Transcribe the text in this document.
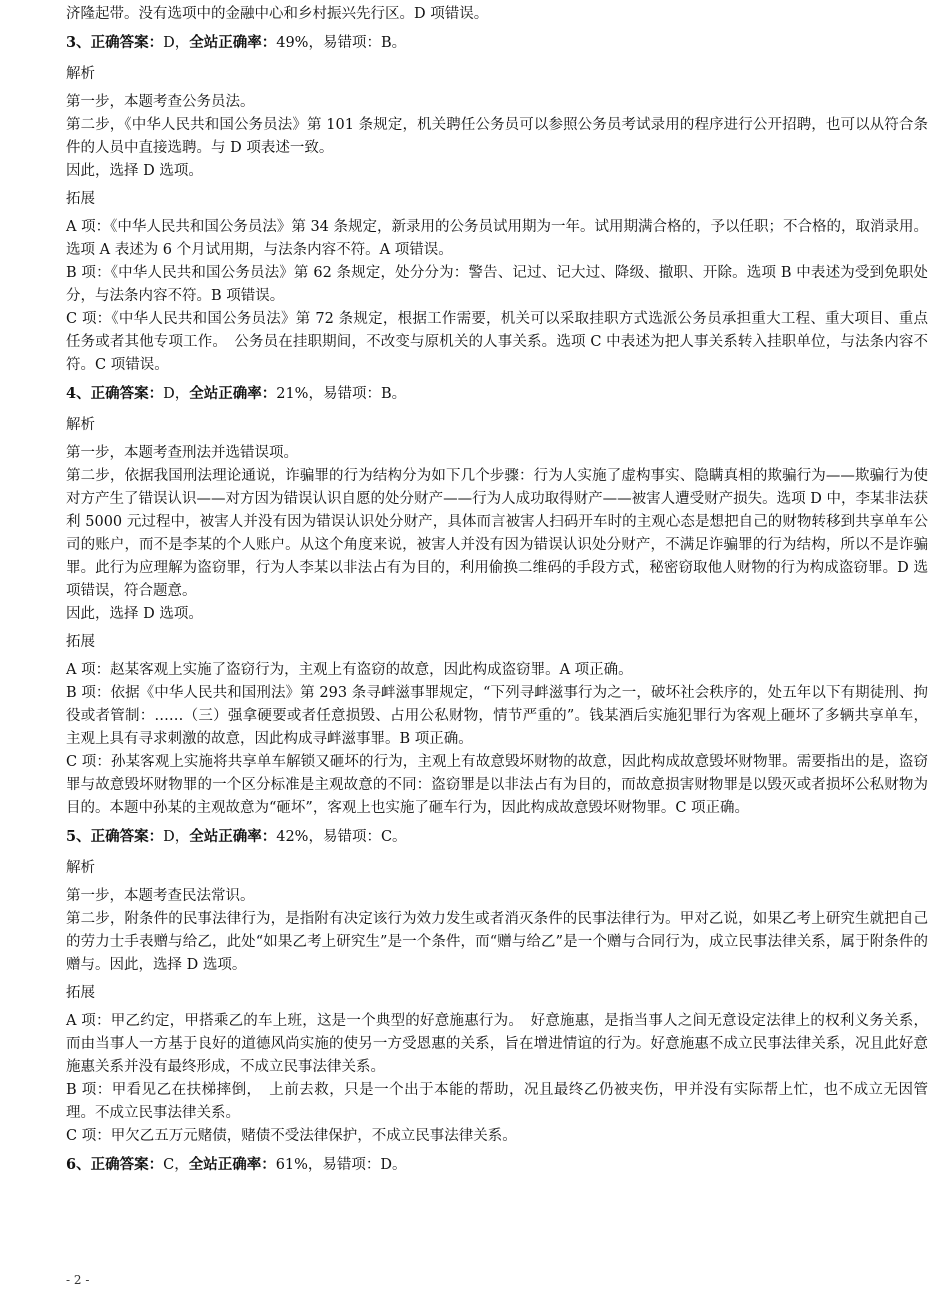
济隆起带。没有选项中的金融中心和乡村振兴先行区。D 项错误。
3、正确答案：D，全站正确率：49%，易错项：B。
解析

第一步，本题考查公务员法。

第二步，《中华人民共和国公务员法》第 101 条规定，机关聘任公务员可以参照公务员考试录用的程序进行公开招聘，也可以从符合条件的人员中直接选聘。与 D 项表述一致。

因此，选择 D 选项。

拓展

A 项：《中华人民共和国公务员法》第 34 条规定，新录用的公务员试用期为一年。试用期满合格的，予以任职；不合格的，取消录用。选项 A 表述为 6 个月试用期，与法条内容不符。A 项错误。

B 项：《中华人民共和国公务员法》第 62 条规定，处分分为：警告、记过、记大过、降级、撤职、开除。选项 B 中表述为受到免职处分，与法条内容不符。B 项错误。

C 项：《中华人民共和国公务员法》第 72 条规定，根据工作需要，机关可以采取挂职方式选派公务员承担重大工程、重大项目、重点任务或者其他专项工作。　公务员在挂职期间，不改变与原机关的人事关系。选项 C 中表述为把人事关系转入挂职单位，与法条内容不符。C 项错误。

4、正确答案：D，全站正确率：21%，易错项：B。
解析

第一步，本题考查刑法并选错误项。

第二步，依据我国刑法理论通说，诈骗罪的行为结构分为如下几个步骤：行为人实施了虚构事实、隐瞒真相的欺骗行为——欺骗行为使对方产生了错误认识——对方因为错误认识自愿的处分财产——行为人成功取得财产——被害人遭受财产损失。选项 D 中，李某非法获利 5000 元过程中，被害人并没有因为错误认识处分财产，具体而言被害人扫码开车时的主观心态是想把自己的财物转移到共享单车公司的账户，而不是李某的个人账户。从这个角度来说，被害人并没有因为错误认识处分财产，不满足诈骗罪的行为结构，所以不是诈骗罪。此行为应理解为盗窃罪，行为人李某以非法占有为目的，利用偷换二维码的手段方式，秘密窃取他人财物的行为构成盗窃罪。D 选项错误，符合题意。

因此，选择 D 选项。

拓展

A 项：赵某客观上实施了盗窃行为，主观上有盗窃的故意，因此构成盗窃罪。A 项正确。

B 项：依据《中华人民共和国刑法》第 293 条寻衅滋事罪规定，“下列寻衅滋事行为之一，破坏社会秩序的，处五年以下有期徒刑、拘役或者管制：……（三）强拿硬要或者任意损毁、占用公私财物，情节严重的”。钱某酒后实施犯罪行为客观上砸坏了多辆共享单车，主观上具有寻求刺激的故意，因此构成寻衅滋事罪。B 项正确。

C 项：孙某客观上实施将共享单车解锁又砸坏的行为，主观上有故意毁坏财物的故意，因此构成故意毁坏财物罪。需要指出的是，盗窃罪与故意毁坏财物罪的一个区分标准是主观故意的不同：盗窃罪是以非法占有为目的，而故意损害财物罪是以毁灭或者损坏公私财物为目的。本题中孙某的主观故意为“砸坏”，客观上也实施了砸车行为，因此构成故意毁坏财物罪。C 项正确。

5、正确答案：D，全站正确率：42%，易错项：C。
解析

第一步，本题考查民法常识。

第二步，附条件的民事法律行为，是指附有决定该行为效力发生或者消灭条件的民事法律行为。甲对乙说，如果乙考上研究生就把自己的劳力士手表赠与给乙，此处“如果乙考上研究生”是一个条件，而“赠与给乙”是一个赠与合同行为，成立民事法律关系，属于附条件的赠与。因此，选择 D 选项。

拓展

A 项：甲乙约定，甲搭乘乙的车上班，这是一个典型的好意施惠行为。　好意施惠，是指当事人之间无意设定法律上的权利义务关系，而由当事人一方基于良好的道德风尚实施的使另一方受恩惠的关系，旨在增进情谊的行为。好意施惠不成立民事法律关系，况且此好意施惠关系并没有最终形成，不成立民事法律关系。

B 项：甲看见乙在扶梯摔倒，　上前去救，只是一个出于本能的帮助，况且最终乙仍被夹伤，甲并没有实际帮上忙，也不成立无因管理。不成立民事法律关系。

C 项：甲欠乙五万元赌债，赌债不受法律保护，不成立民事法律关系。

6、正确答案：C，全站正确率：61%，易错项：D。
- 2 -
